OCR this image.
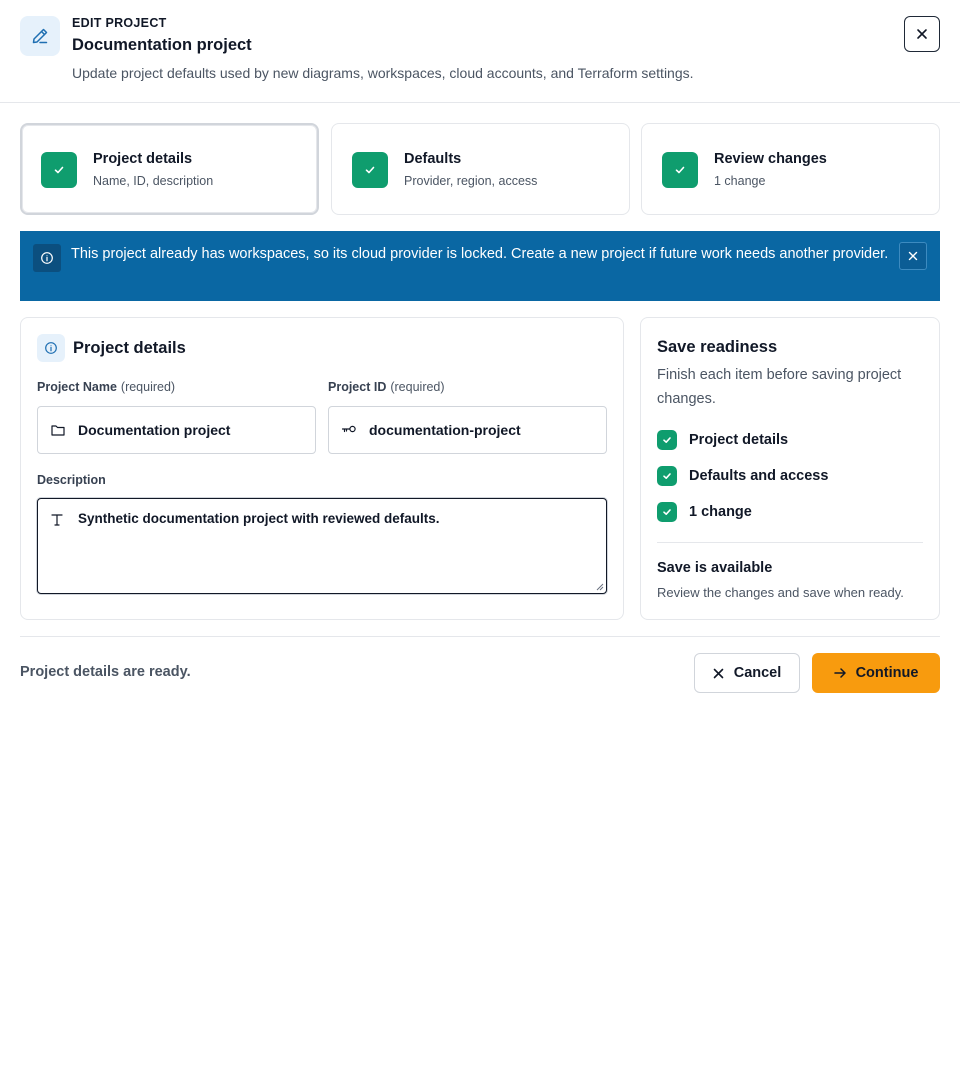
EDIT PROJECT
Documentation project
Update project defaults used by new diagrams, workspaces, cloud accounts, and Terraform settings.
Project details
Name, ID, description
Defaults
Provider, region, access
Review changes
1 change
This project already has workspaces, so its cloud provider is locked. Create a new project if future work needs another provider.
Project details
Project Name (required)
Documentation project
Project ID (required)
documentation-project
Description
Synthetic documentation project with reviewed defaults.
Save readiness
Finish each item before saving project changes.
Project details
Defaults and access
1 change
Save is available
Review the changes and save when ready.
Project details are ready.	Cancel	Continue
